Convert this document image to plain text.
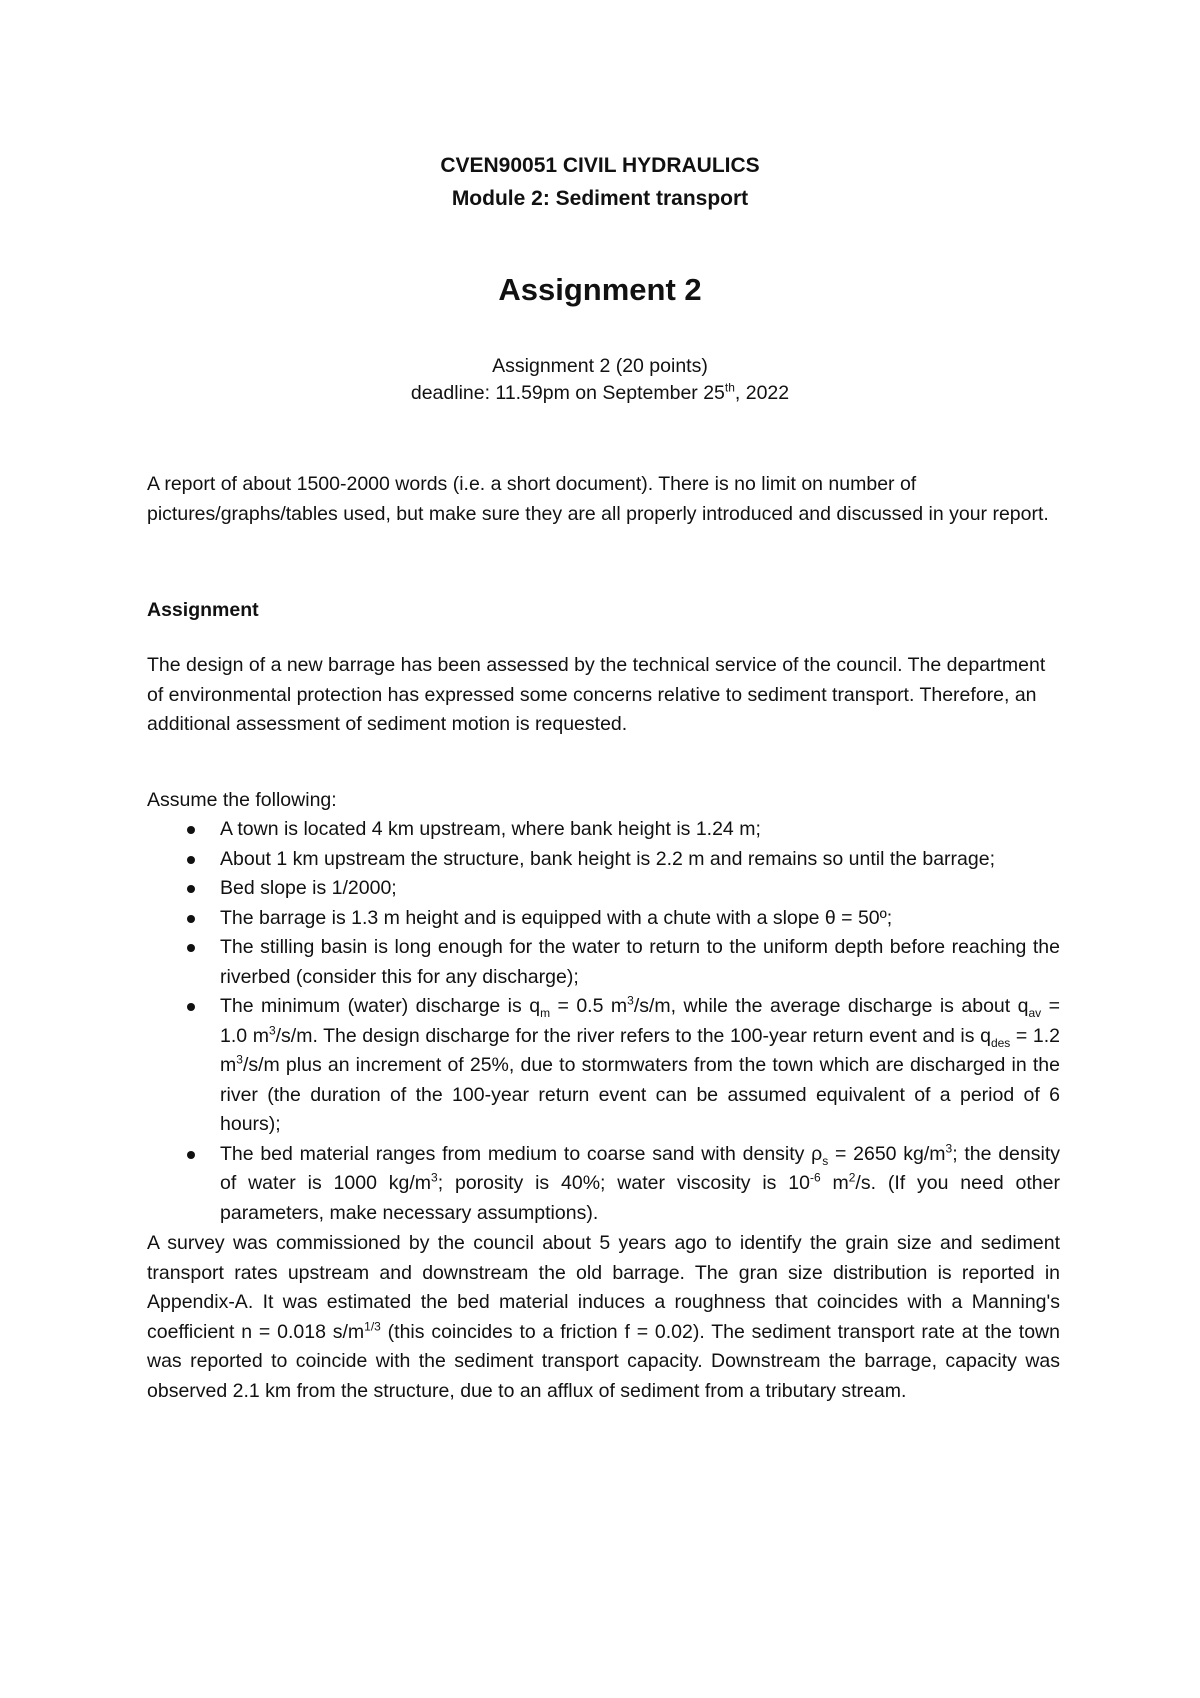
CVEN90051 CIVIL HYDRAULICS
Module 2: Sediment transport
Assignment 2
Assignment 2 (20 points)
deadline: 11.59pm on September 25th, 2022
A report of about 1500-2000 words (i.e. a short document). There is no limit on number of pictures/graphs/tables used, but make sure they are all properly introduced and discussed in your report.
Assignment
The design of a new barrage has been assessed by the technical service of the council. The department of environmental protection has expressed some concerns relative to sediment transport. Therefore, an additional assessment of sediment motion is requested.
Assume the following:
A town is located 4 km upstream, where bank height is 1.24 m;
About 1 km upstream the structure, bank height is 2.2 m and remains so until the barrage;
Bed slope is 1/2000;
The barrage is 1.3 m height and is equipped with a chute with a slope θ = 50º;
The stilling basin is long enough for the water to return to the uniform depth before reaching the riverbed (consider this for any discharge);
The minimum (water) discharge is $q_m = 0.5$ $m^3/s/m$, while the average discharge is about $q_{av} = 1.0$ $m^3/s/m$. The design discharge for the river refers to the 100-year return event and is $q_{des} = 1.2$ $m^3/s/m$ plus an increment of 25%, due to stormwaters from the town which are discharged in the river (the duration of the 100-year return event can be assumed equivalent of a period of 6 hours);
The bed material ranges from medium to coarse sand with density $\rho_s = 2650$ $kg/m^3$; the density of water is 1000 $kg/m^3$; porosity is 40%; water viscosity is $10^{-6}$ $m^2/s$. (If you need other parameters, make necessary assumptions).
A survey was commissioned by the council about 5 years ago to identify the grain size and sediment transport rates upstream and downstream the old barrage. The gran size distribution is reported in Appendix-A. It was estimated the bed material induces a roughness that coincides with a Manning's coefficient n = 0.018 $s/m^{1/3}$ (this coincides to a friction f = 0.02). The sediment transport rate at the town was reported to coincide with the sediment transport capacity. Downstream the barrage, capacity was observed 2.1 km from the structure, due to an afflux of sediment from a tributary stream.
